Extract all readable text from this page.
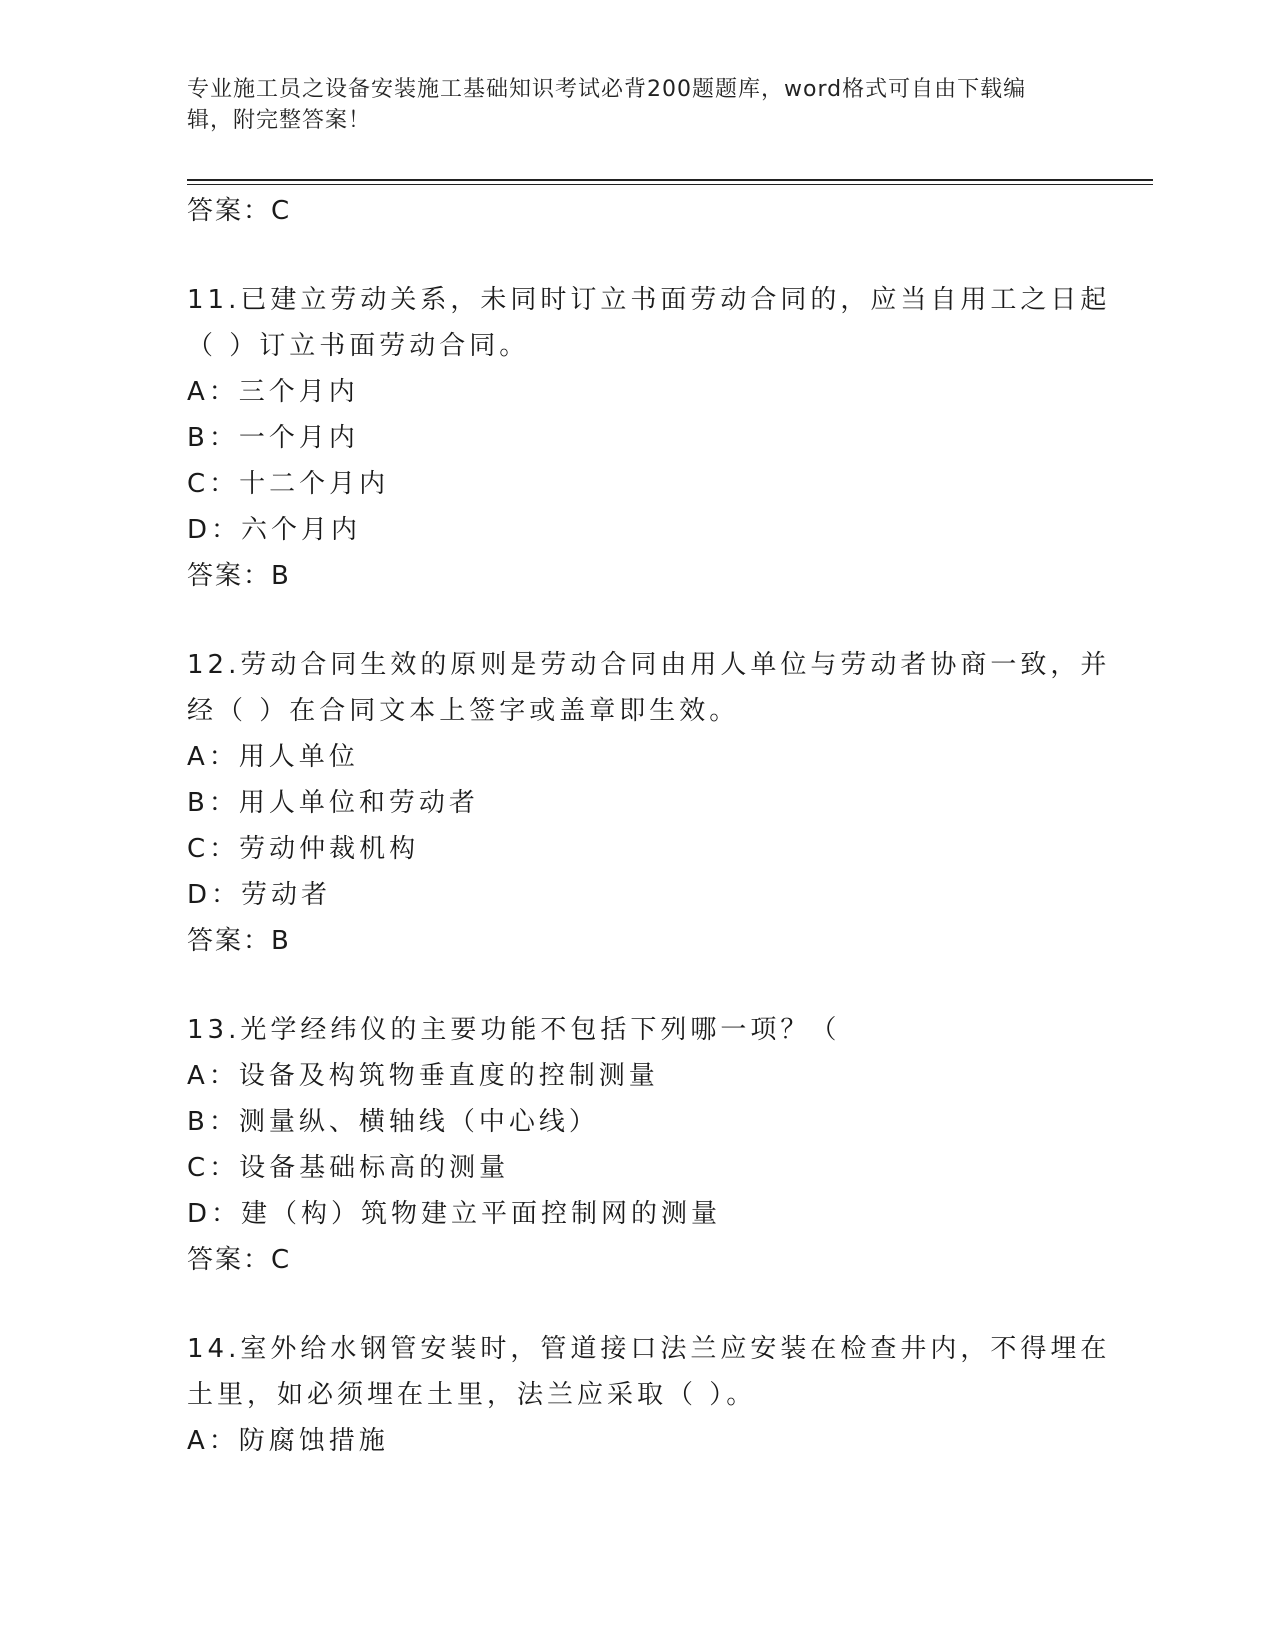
专业施工员之设备安装施工基础知识考试必背200题题库，word格式可自由下载编辑，附完整答案！
答案：C
11.已建立劳动关系，未同时订立书面劳动合同的，应当自用工之日起
（ ）订立书面劳动合同。
A：三个月内
B：一个月内
C：十二个月内
D：六个月内
答案：B
12.劳动合同生效的原则是劳动合同由用人单位与劳动者协商一致，并
经（ ）在合同文本上签字或盖章即生效。
A：用人单位
B：用人单位和劳动者
C：劳动仲裁机构
D：劳动者
答案：B
13.光学经纬仪的主要功能不包括下列哪一项？（
A：设备及构筑物垂直度的控制测量
B：测量纵、横轴线（中心线）
C：设备基础标高的测量
D：建（构）筑物建立平面控制网的测量
答案：C
14.室外给水钢管安装时，管道接口法兰应安装在检查井内，不得埋在
土里，如必须埋在土里，法兰应采取（ ）。
A：防腐蚀措施
